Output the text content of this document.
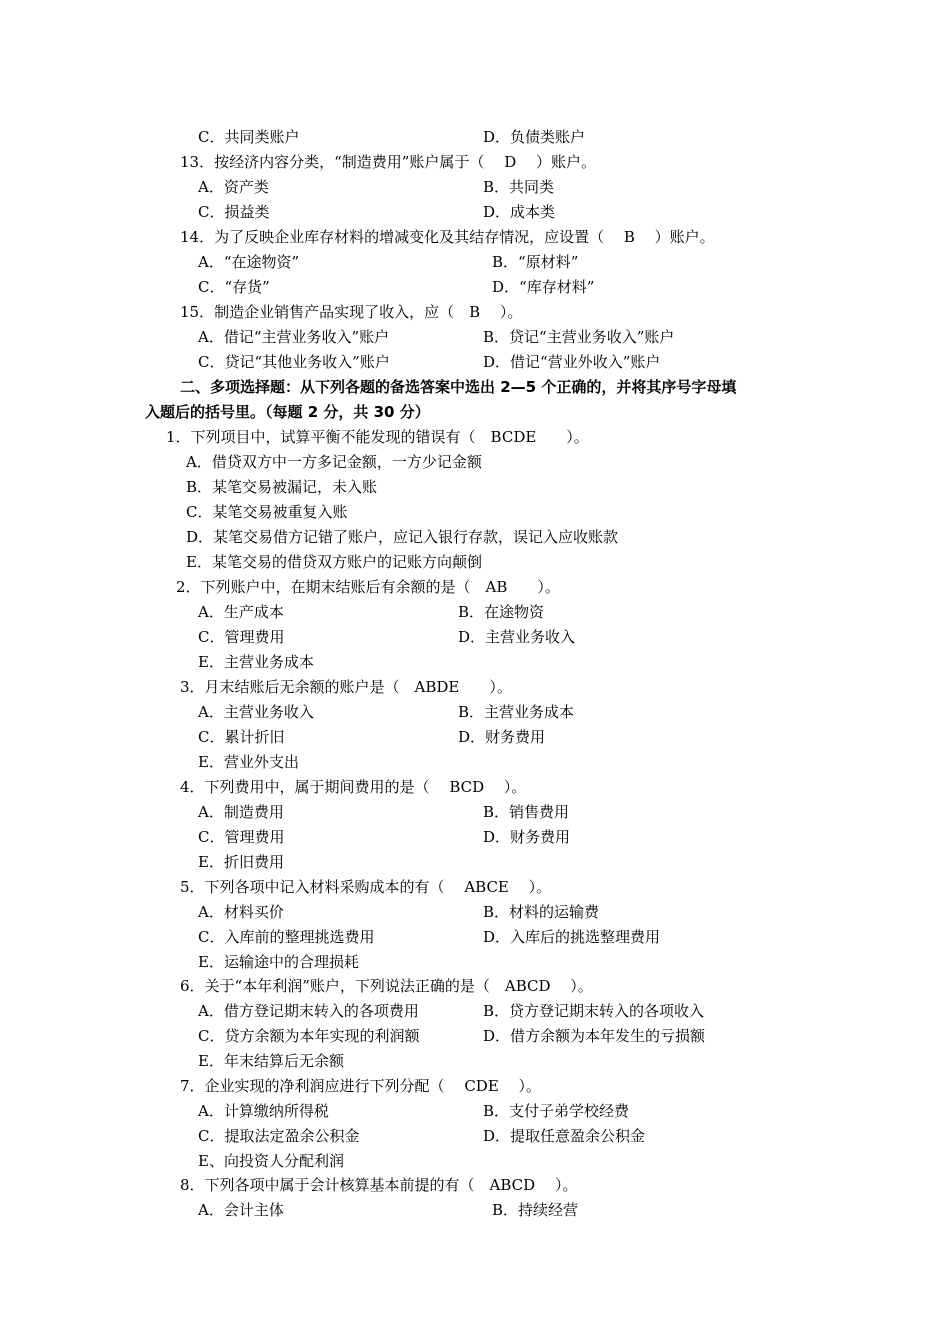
C．共同类账户	D．负债类账户
13．按经济内容分类，“制造费用”账户属于（　 D　 ）账户。
A．资产类	B．共同类
C．损益类	D．成本类
14．为了反映企业库存材料的增减变化及其结存情况，应设置（　 B　 ）账户。
A．“在途物资”	B．“原材料”
C．“存货”	D．“库存材料”
15．制造企业销售产品实现了收入，应（　B　 ）。
A．借记“主营业务收入”账户	B．贷记“主营业务收入”账户
C．贷记“其他业务收入”账户	D．借记“营业外收入”账户
二、多项选择题：从下列各题的备选答案中选出 2—5 个正确的，并将其序号字母填
入题后的括号里。（每题 2 分，共 30 分）
1．下列项目中，试算平衡不能发现的错误有（　BCDE　　）。
A．借贷双方中一方多记金额，一方少记金额
B．某笔交易被漏记，未入账
C．某笔交易被重复入账
D．某笔交易借方记错了账户，应记入银行存款，误记入应收账款
E．某笔交易的借贷双方账户的记账方向颠倒
2．下列账户中，在期末结账后有余额的是（　AB　　）。
A．生产成本	B．在途物资
C．管理费用	D．主营业务收入
E．主营业务成本
3．月末结账后无余额的账户是（　ABDE　　）。
A．主营业务收入	B．主营业务成本
C．累计折旧	D．财务费用
E．营业外支出
4．下列费用中，属于期间费用的是（　 BCD　 ）。
A．制造费用	B．销售费用
C．管理费用	D．财务费用
E．折旧费用
5．下列各项中记入材料采购成本的有（　 ABCE　 ）。
A．材料买价	B．材料的运输费
C．入库前的整理挑选费用	D．入库后的挑选整理费用
E．运输途中的合理损耗
6．关于“本年利润”账户，下列说法正确的是（　ABCD　 ）。
A．借方登记期末转入的各项费用	B．贷方登记期末转入的各项收入
C．贷方余额为本年实现的利润额	D．借方余额为本年发生的亏损额
E．年末结算后无余额
7．企业实现的净利润应进行下列分配（　 CDE　 ）。
A．计算缴纳所得税	B．支付子弟学校经费
C．提取法定盈余公积金	D．提取任意盈余公积金
E、向投资人分配利润
8．下列各项中属于会计核算基本前提的有（　ABCD　 ）。
A．会计主体	B．持续经营
